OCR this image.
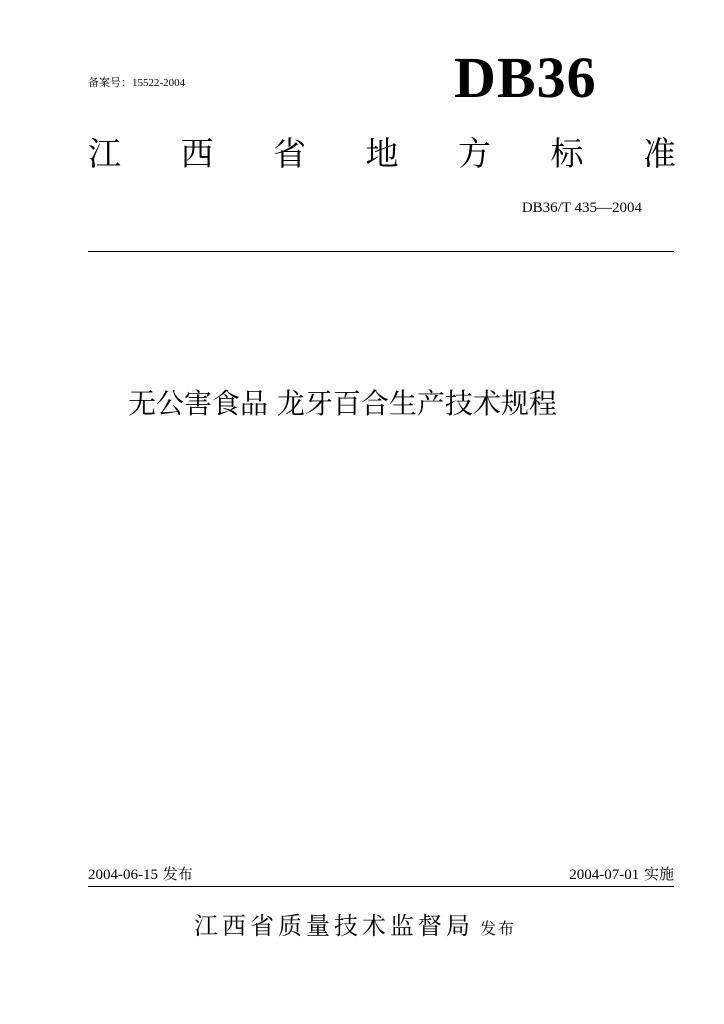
备案号：15522-2004	DB36
江 西 省 地 方 标 准
DB36/T 435—2004
无公害食品 龙牙百合生产技术规程
2004-06-15 发布	2004-07-01 实施
江西省质量技术监督局 发布
